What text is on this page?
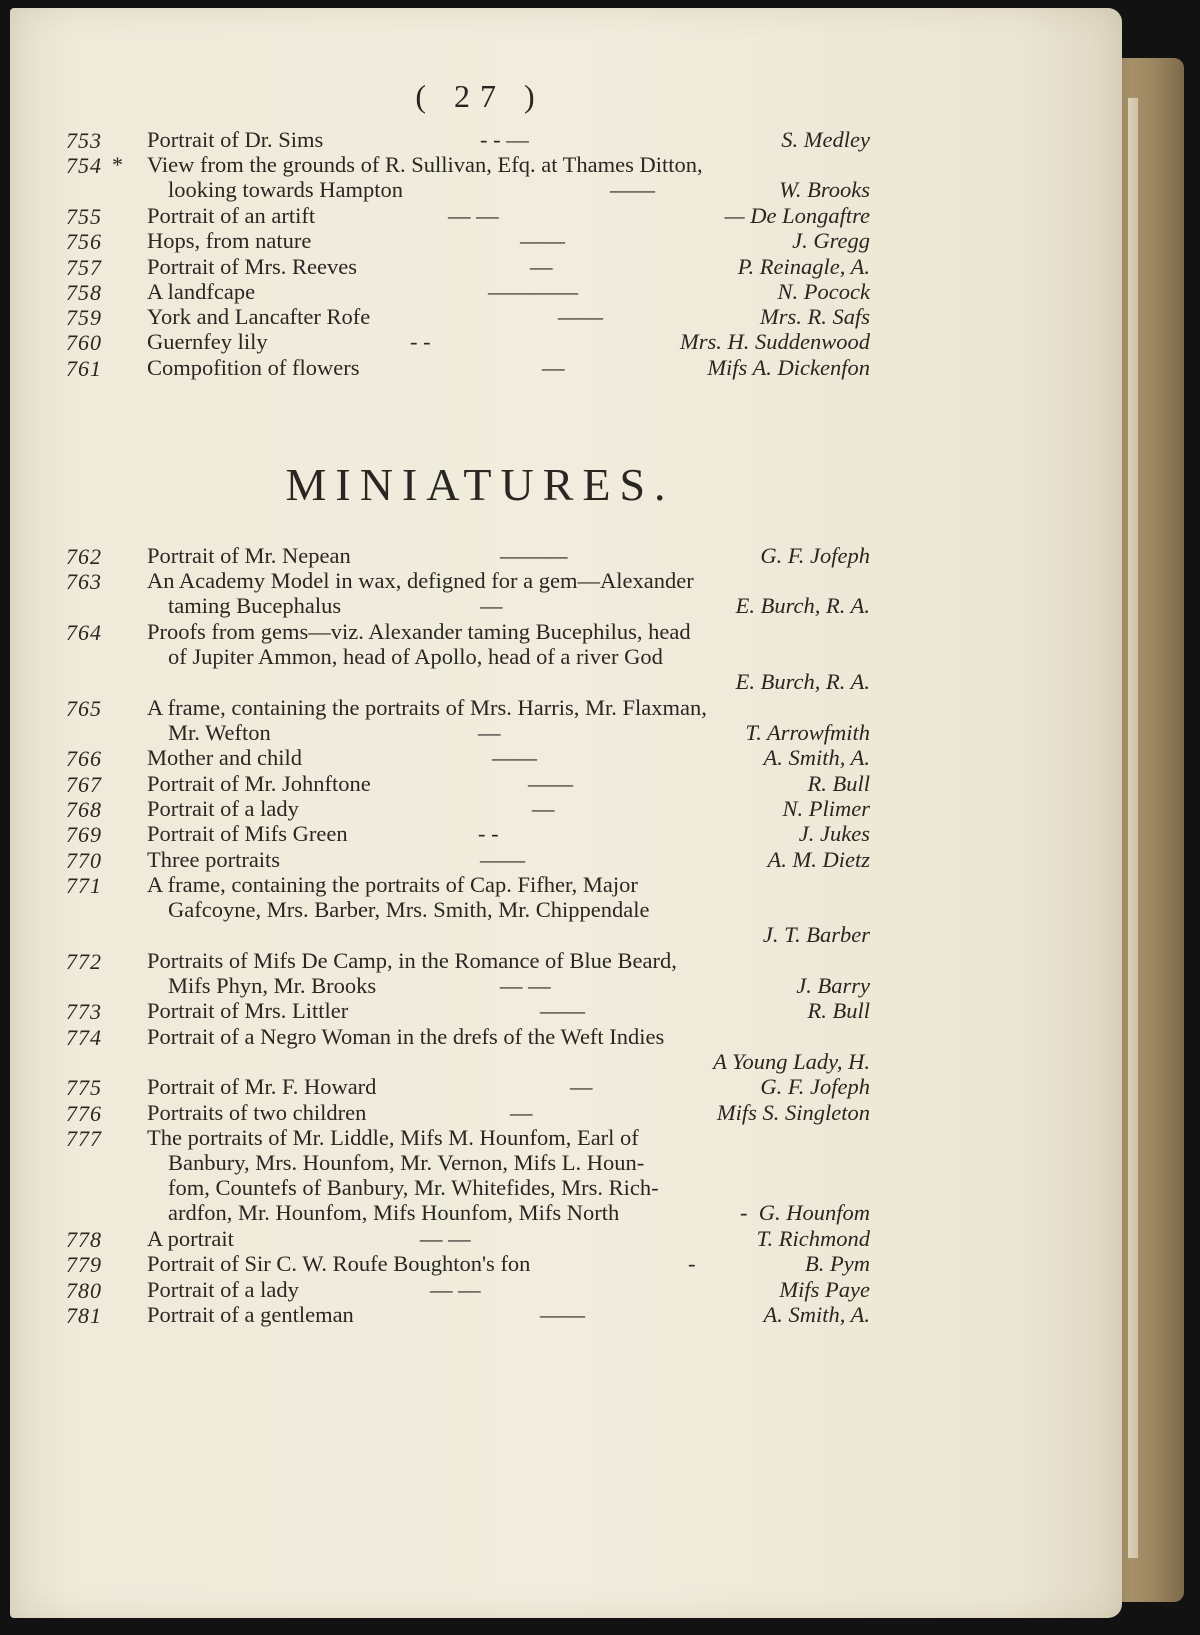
( 27 )
MINIATURES.
753 Portrait of Dr. Sims	- - —	S. Medley
754 * View from the grounds of R. Sullivan, Efq. at Thames Ditton,
looking towards Hampton	——	W. Brooks
755 Portrait of an artift	— —	— De Longaftre
756 Hops, from nature	——	J. Gregg
757 Portrait of Mrs. Reeves	—	P. Reinagle, A.
758 A landfcape	————	N. Pocock
759 York and Lancafter Rofe	——	Mrs. R. Safs
760 Guernfey lily	- -	Mrs. H. Suddenwood
761 Compofition of flowers	—	Mifs A. Dickenfon
762 Portrait of Mr. Nepean	———	G. F. Jofeph
763 An Academy Model in wax, defigned for a gem—Alexander
taming Bucephalus	—	E. Burch, R. A.
764 Proofs from gems—viz. Alexander taming Bucephilus, head
of Jupiter Ammon, head of Apollo, head of a river God
E. Burch, R. A.
765 A frame, containing the portraits of Mrs. Harris, Mr. Flaxman,
Mr. Wefton	—	T. Arrowfmith
766 Mother and child	——	A. Smith, A.
767 Portrait of Mr. Johnftone	——	R. Bull
768 Portrait of a lady	—	N. Plimer
769 Portrait of Mifs Green	- -	J. Jukes
770 Three portraits	——	A. M. Dietz
771 A frame, containing the portraits of Cap. Fifher, Major
Gafcoyne, Mrs. Barber, Mrs. Smith, Mr. Chippendale
J. T. Barber
772 Portraits of Mifs De Camp, in the Romance of Blue Beard,
Mifs Phyn, Mr. Brooks	— —	J. Barry
773 Portrait of Mrs. Littler	——	R. Bull
774 Portrait of a Negro Woman in the drefs of the Weft Indies
A Young Lady, H.
775 Portrait of Mr. F. Howard	—	G. F. Jofeph
776 Portraits of two children	—	Mifs S. Singleton
777 The portraits of Mr. Liddle, Mifs M. Hounfom, Earl of
Banbury, Mrs. Hounfom, Mr. Vernon, Mifs L. Houn-
fom, Countefs of Banbury, Mr. Whitefides, Mrs. Rich-
ardfon, Mr. Hounfom, Mifs Hounfom, Mifs North	- G. Hounfom
778 A portrait	— —	T. Richmond
779 Portrait of Sir C. W. Roufe Boughton's fon	-	B. Pym
780 Portrait of a lady	— —	Mifs Paye
781 Portrait of a gentleman	——	A. Smith, A.
